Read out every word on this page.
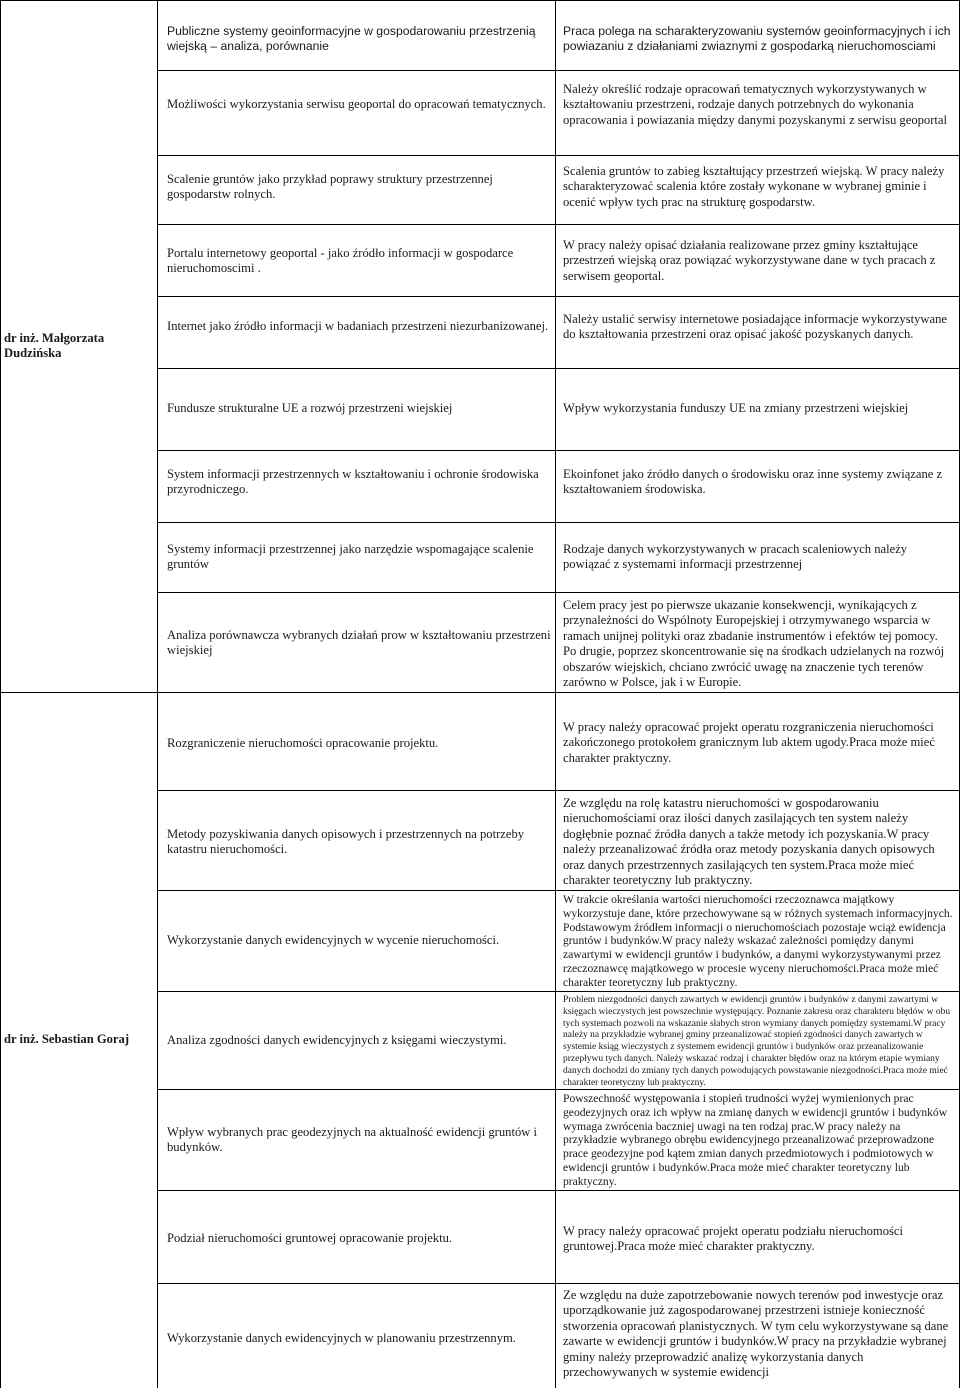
dr inż. Małgorzata Dudzińska
dr inż. Sebastian Goraj
Publiczne systemy geoinformacyjne w gospodarowaniu przestrzenią wiejską – analiza, porównanie
Praca polega na scharakteryzowaniu systemów geoinformacyjnych i ich powiazaniu z działaniami zwiaznymi z gospodarką nieruchomosciami
Możliwości wykorzystania serwisu geoportal do opracowań tematycznych.
Należy określić rodzaje opracowań tematycznych wykorzystywanych w kształtowaniu przestrzeni, rodzaje danych potrzebnych do wykonania opracowania i powiazania między danymi pozyskanymi z serwisu geoportal
Scalenie gruntów jako przykład poprawy struktury przestrzennej gospodarstw rolnych.
Scalenia gruntów to zabieg kształtujący przestrzeń wiejską. W pracy należy scharakteryzować scalenia które zostały wykonane w wybranej gminie i ocenić wpływ tych prac na strukturę gospodarstw.
Portalu internetowy geoportal - jako źródło informacji w gospodarce nieruchomoscimi .
W pracy należy opisać działania realizowane przez gminy kształtujące przestrzeń wiejską oraz powiązać wykorzystywane dane w tych pracach z serwisem geoportal.
Internet jako źródło informacji w badaniach przestrzeni niezurbanizowanej. Należy ustalić serwisy internetowe posiadające informacje wykorzystywane do kształtowania przestrzeni oraz opisać jakość pozyskanych danych.
Fundusze strukturalne UE a rozwój przestrzeni wiejskiej	Wpływ wykorzystania funduszy UE na zmiany przestrzeni wiejskiej
System informacji przestrzennych w kształtowaniu i ochronie środowiska przyrodniczego.
Ekoinfonet jako źródło danych o środowisku oraz inne systemy związane z kształtowaniem środowiska.
Systemy informacji przestrzennej jako narzędzie wspomagające scalenie gruntów
Rodzaje danych wykorzystywanych w pracach scaleniowych należy powiązać z systemami informacji przestrzennej
Analiza porównawcza wybranych działań prow w kształtowaniu przestrzeni wiejskiej
Celem pracy jest po pierwsze ukazanie konsekwencji, wynikających z przynależności do Wspólnoty Europejskiej i otrzymywanego wsparcia w ramach unijnej polityki oraz zbadanie instrumentów i efektów tej pomocy. Po drugie, poprzez skoncentrowanie się na środkach udzielanych na rozwój obszarów wiejskich, chciano zwrócić uwagę na znaczenie tych terenów zarówno w Polsce, jak i w Europie.
Rozgraniczenie nieruchomości opracowanie projektu.
W pracy należy opracować projekt operatu rozgraniczenia nieruchomości zakończonego protokołem granicznym lub aktem ugody.Praca może mieć charakter praktyczny.
Metody pozyskiwania danych opisowych i przestrzennych na potrzeby katastru nieruchomości.
Ze względu na rolę katastru nieruchomości w gospodarowaniu nieruchomościami oraz ilości danych zasilających ten system należy dogłębnie poznać źródła danych a także metody ich pozyskania.W pracy należy przeanalizować źródła oraz metody pozyskania danych opisowych oraz danych przestrzennych zasilających ten system.Praca może mieć charakter teoretyczny lub praktyczny.
Wykorzystanie danych ewidencyjnych w wycenie nieruchomości.
W trakcie określania wartości nieruchomości rzeczoznawca majątkowy wykorzystuje dane, które przechowywane są w różnych systemach informacyjnych. Podstawowym źródłem informacji o nieruchomościach pozostaje wciąż ewidencja gruntów i budynków.W pracy należy wskazać zależności pomiędzy danymi zawartymi w ewidencji gruntów i budynków, a danymi wykorzystywanymi przez rzeczoznawcę majątkowego w procesie wyceny nieruchomości.Praca może mieć charakter teoretyczny lub praktyczny.
Analiza zgodności danych ewidencyjnych z księgami wieczystymi.
Problem niezgodności danych zawartych w ewidencji gruntów i budynków z danymi zawartymi w księgach wieczystych jest powszechnie występujący. Poznanie zakresu oraz charakteru błędów w obu tych systemach pozwoli na wskazanie słabych stron wymiany danych pomiędzy systemami.W pracy należy na przykładzie wybranej gminy przeanalizować stopień zgodności danych zawartych w systemie ksiąg wieczystych z systemem ewidencji gruntów i budynków oraz przeanalizowanie przepływu tych danych. Należy wskazać rodzaj i charakter błędów oraz na którym etapie wymiany danych dochodzi do zmiany tych danych powodujących powstawanie niezgodności.Praca może mieć charakter teoretyczny lub praktyczny.
Wpływ wybranych prac geodezyjnych na aktualność ewidencji gruntów i budynków.
Powszechność występowania i stopień trudności wyżej wymienionych prac geodezyjnych oraz ich wpływ na zmianę danych w ewidencji gruntów i budynków wymaga zwrócenia baczniej uwagi na ten rodzaj prac.W pracy należy na przykładzie wybranego obrębu ewidencyjnego przeanalizować przeprowadzone prace geodezyjne pod kątem zmian danych przedmiotowych i podmiotowych w ewidencji gruntów i budynków.Praca może mieć charakter teoretyczny lub praktyczny.
Podział nieruchomości gruntowej opracowanie projektu.	W pracy należy opracować projekt operatu podziału nieruchomości gruntowej.Praca może mieć charakter praktyczny.
Wykorzystanie danych ewidencyjnych w planowaniu przestrzennym.
Ze względu na duże zapotrzebowanie nowych terenów pod inwestycje oraz uporządkowanie już zagospodarowanej przestrzeni istnieje konieczność stworzenia opracowań planistycznych. W tym celu wykorzystywane są dane zawarte w ewidencji gruntów i budynków.W pracy na przykładzie wybranej gminy należy przeprowadzić analizę wykorzystania danych przechowywanych w systemie ewidencji
